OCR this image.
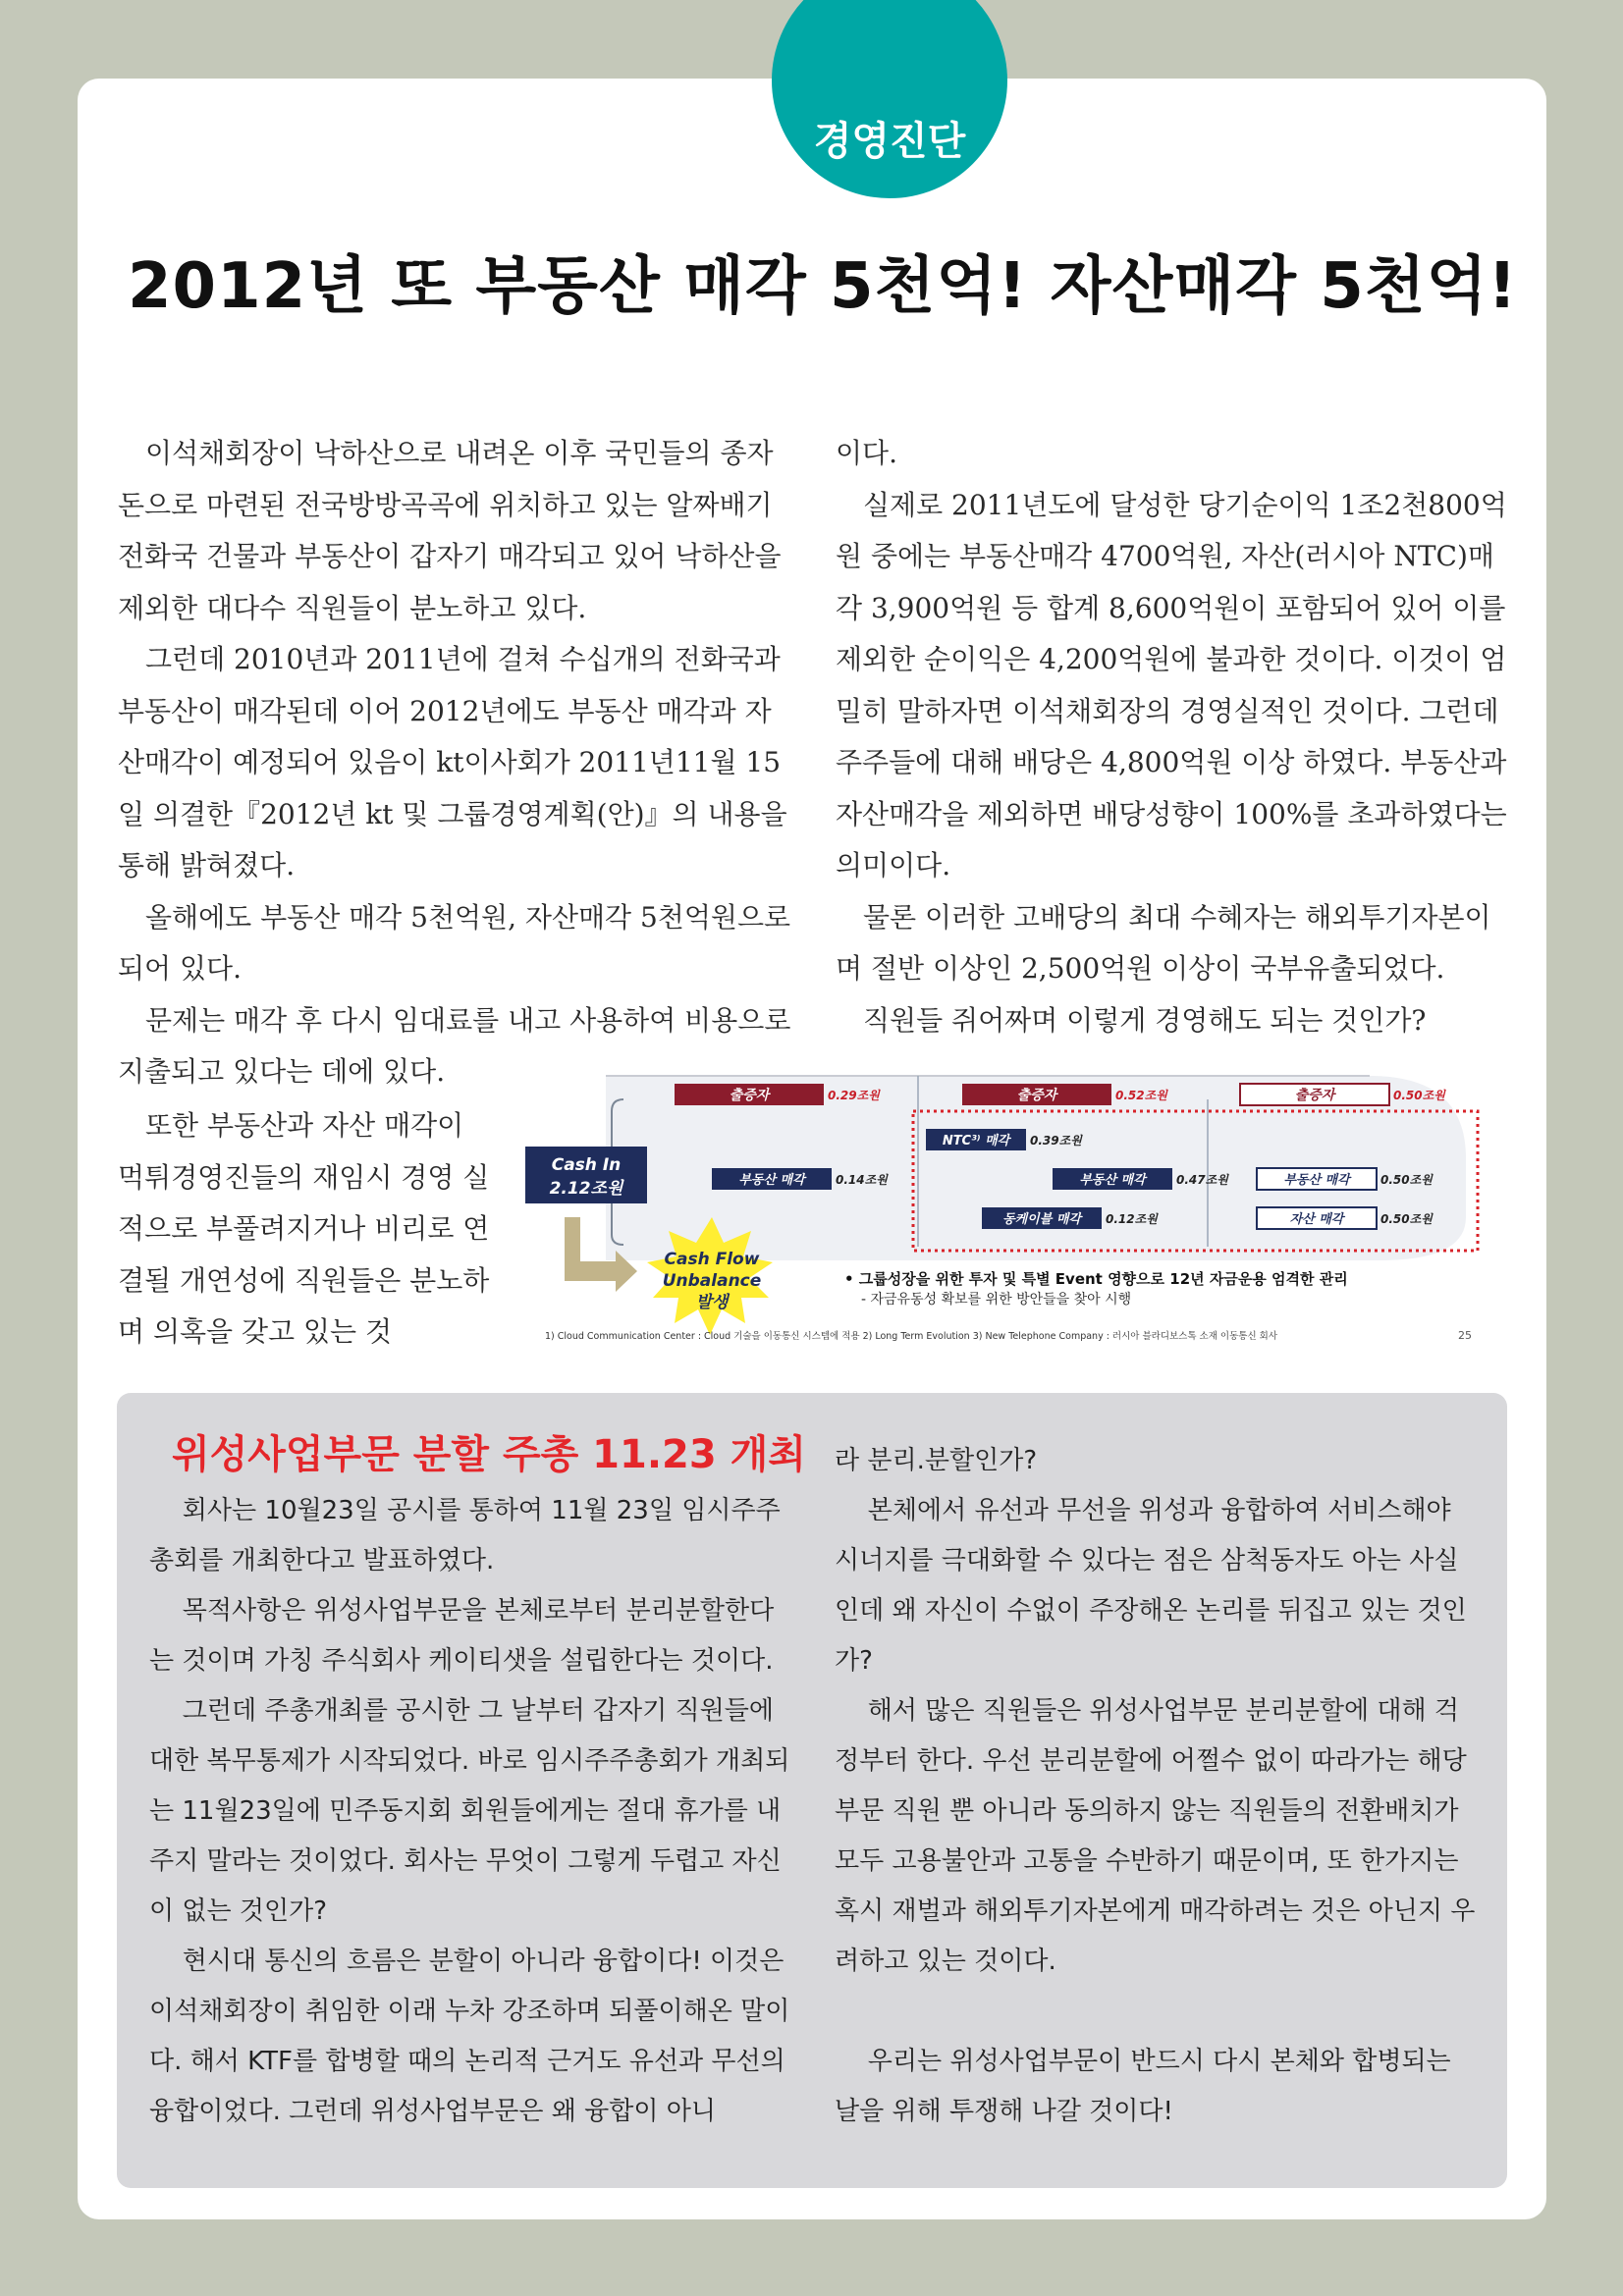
경영진단
2012년 또 부동산 매각 5천억! 자산매각 5천억!

이석채회장이 낙하산으로 내려온 이후 국민들의 종자돈으로 마련된 전국방방곡곡에 위치하고 있는 알짜배기 전화국 건물과 부동산이 갑자기 매각되고 있어 낙하산을 제외한 대다수 직원들이 분노하고 있다.

그런데 2010년과 2011년에 걸쳐 수십개의 전화국과 부동산이 매각된데 이어 2012년에도 부동산 매각과 자산매각이 예정되어 있음이 kt이사회가 2011년11월 15일 의결한『2012년 kt 및 그룹경영계획(안)』의 내용을 통해 밝혀졌다.

올해에도 부동산 매각 5천억원, 자산매각 5천억원으로 되어 있다.

문제는 매각 후 다시 임대료를 내고 사용하여 비용으로 지출되고 있다는 데에 있다.

또한 부동산과 자산 매각이 먹튀경영진들의 재임시 경영 실적으로 부풀려지거나 비리로 연결될 개연성에 직원들은 분노하며 의혹을 갖고 있는 것

이다.

실제로 2011년도에 달성한 당기순이익 1조2천800억원 중에는 부동산매각 4700억원, 자산(러시아 NTC)매각 3,900억원 등 합계 8,600억원이 포함되어 있어 이를 제외한 순이익은 4,200억원에 불과한 것이다. 이것이 엄밀히 말하자면 이석채회장의 경영실적인 것이다. 그런데 주주들에 대해 배당은 4,800억원 이상 하였다. 부동산과 자산매각을 제외하면 배당성향이 100%를 초과하였다는 의미이다.

물론 이러한 고배당의 최대 수혜자는 해외투기자본이며 절반 이상인 2,500억원 이상이 국부유출되었다.

직원들 쥐어짜며 이렇게 경영해도 되는 것인가?

Cash In
2.12조원
출증자	0.29조원	출증자	0.52조원	출증자	0.50조원
NTC³⁾ 매각 0.39조원
부동산 매각	0.14조원	부동산 매각	0.47조원	부동산 매각	0.50조원
동케이블 매각 0.12조원	자산 매각	0.50조원
Cash Flow
Unbalance
발생
• 그룹성장을 위한 투자 및 특별 Event 영향으로 12년 자금운용 엄격한 관리
- 자금유동성 확보를 위한 방안들을 찾아 시행
1) Cloud Communication Center : Cloud 기술을 이동통신 시스템에 적용 2) Long Term Evolution 3) New Telephone Company : 러시아 블라디보스톡 소재 이동통신 회사	25
위성사업부문 분할 주총 11.23 개최

회사는 10월23일 공시를 통하여 11월 23일 임시주주총회를 개최한다고 발표하였다.

목적사항은 위성사업부문을 본체로부터 분리분할한다는 것이며 가칭 주식회사 케이티샛을 설립한다는 것이다.

그런데 주총개최를 공시한 그 날부터 갑자기 직원들에 대한 복무통제가 시작되었다. 바로 임시주주총회가 개최되는 11월23일에 민주동지회 회원들에게는 절대 휴가를 내주지 말라는 것이었다. 회사는 무엇이 그렇게 두렵고 자신이 없는 것인가?

현시대 통신의 흐름은 분할이 아니라 융합이다! 이것은 이석채회장이 취임한 이래 누차 강조하며 되풀이해온 말이다. 해서 KTF를 합병할 때의 논리적 근거도 유선과 무선의 융합이었다. 그런데 위성사업부문은 왜 융합이 아니

라 분리.분할인가?

본체에서 유선과 무선을 위성과 융합하여 서비스해야 시너지를 극대화할 수 있다는 점은 삼척동자도 아는 사실인데 왜 자신이 수없이 주장해온 논리를 뒤집고 있는 것인가?

해서 많은 직원들은 위성사업부문 분리분할에 대해 걱정부터 한다. 우선 분리분할에 어쩔수 없이 따라가는 해당부문 직원 뿐 아니라 동의하지 않는 직원들의 전환배치가 모두 고용불안과 고통을 수반하기 때문이며, 또 한가지는 혹시 재벌과 해외투기자본에게 매각하려는 것은 아닌지 우려하고 있는 것이다.

우리는 위성사업부문이 반드시 다시 본체와 합병되는 날을 위해 투쟁해 나갈 것이다!
